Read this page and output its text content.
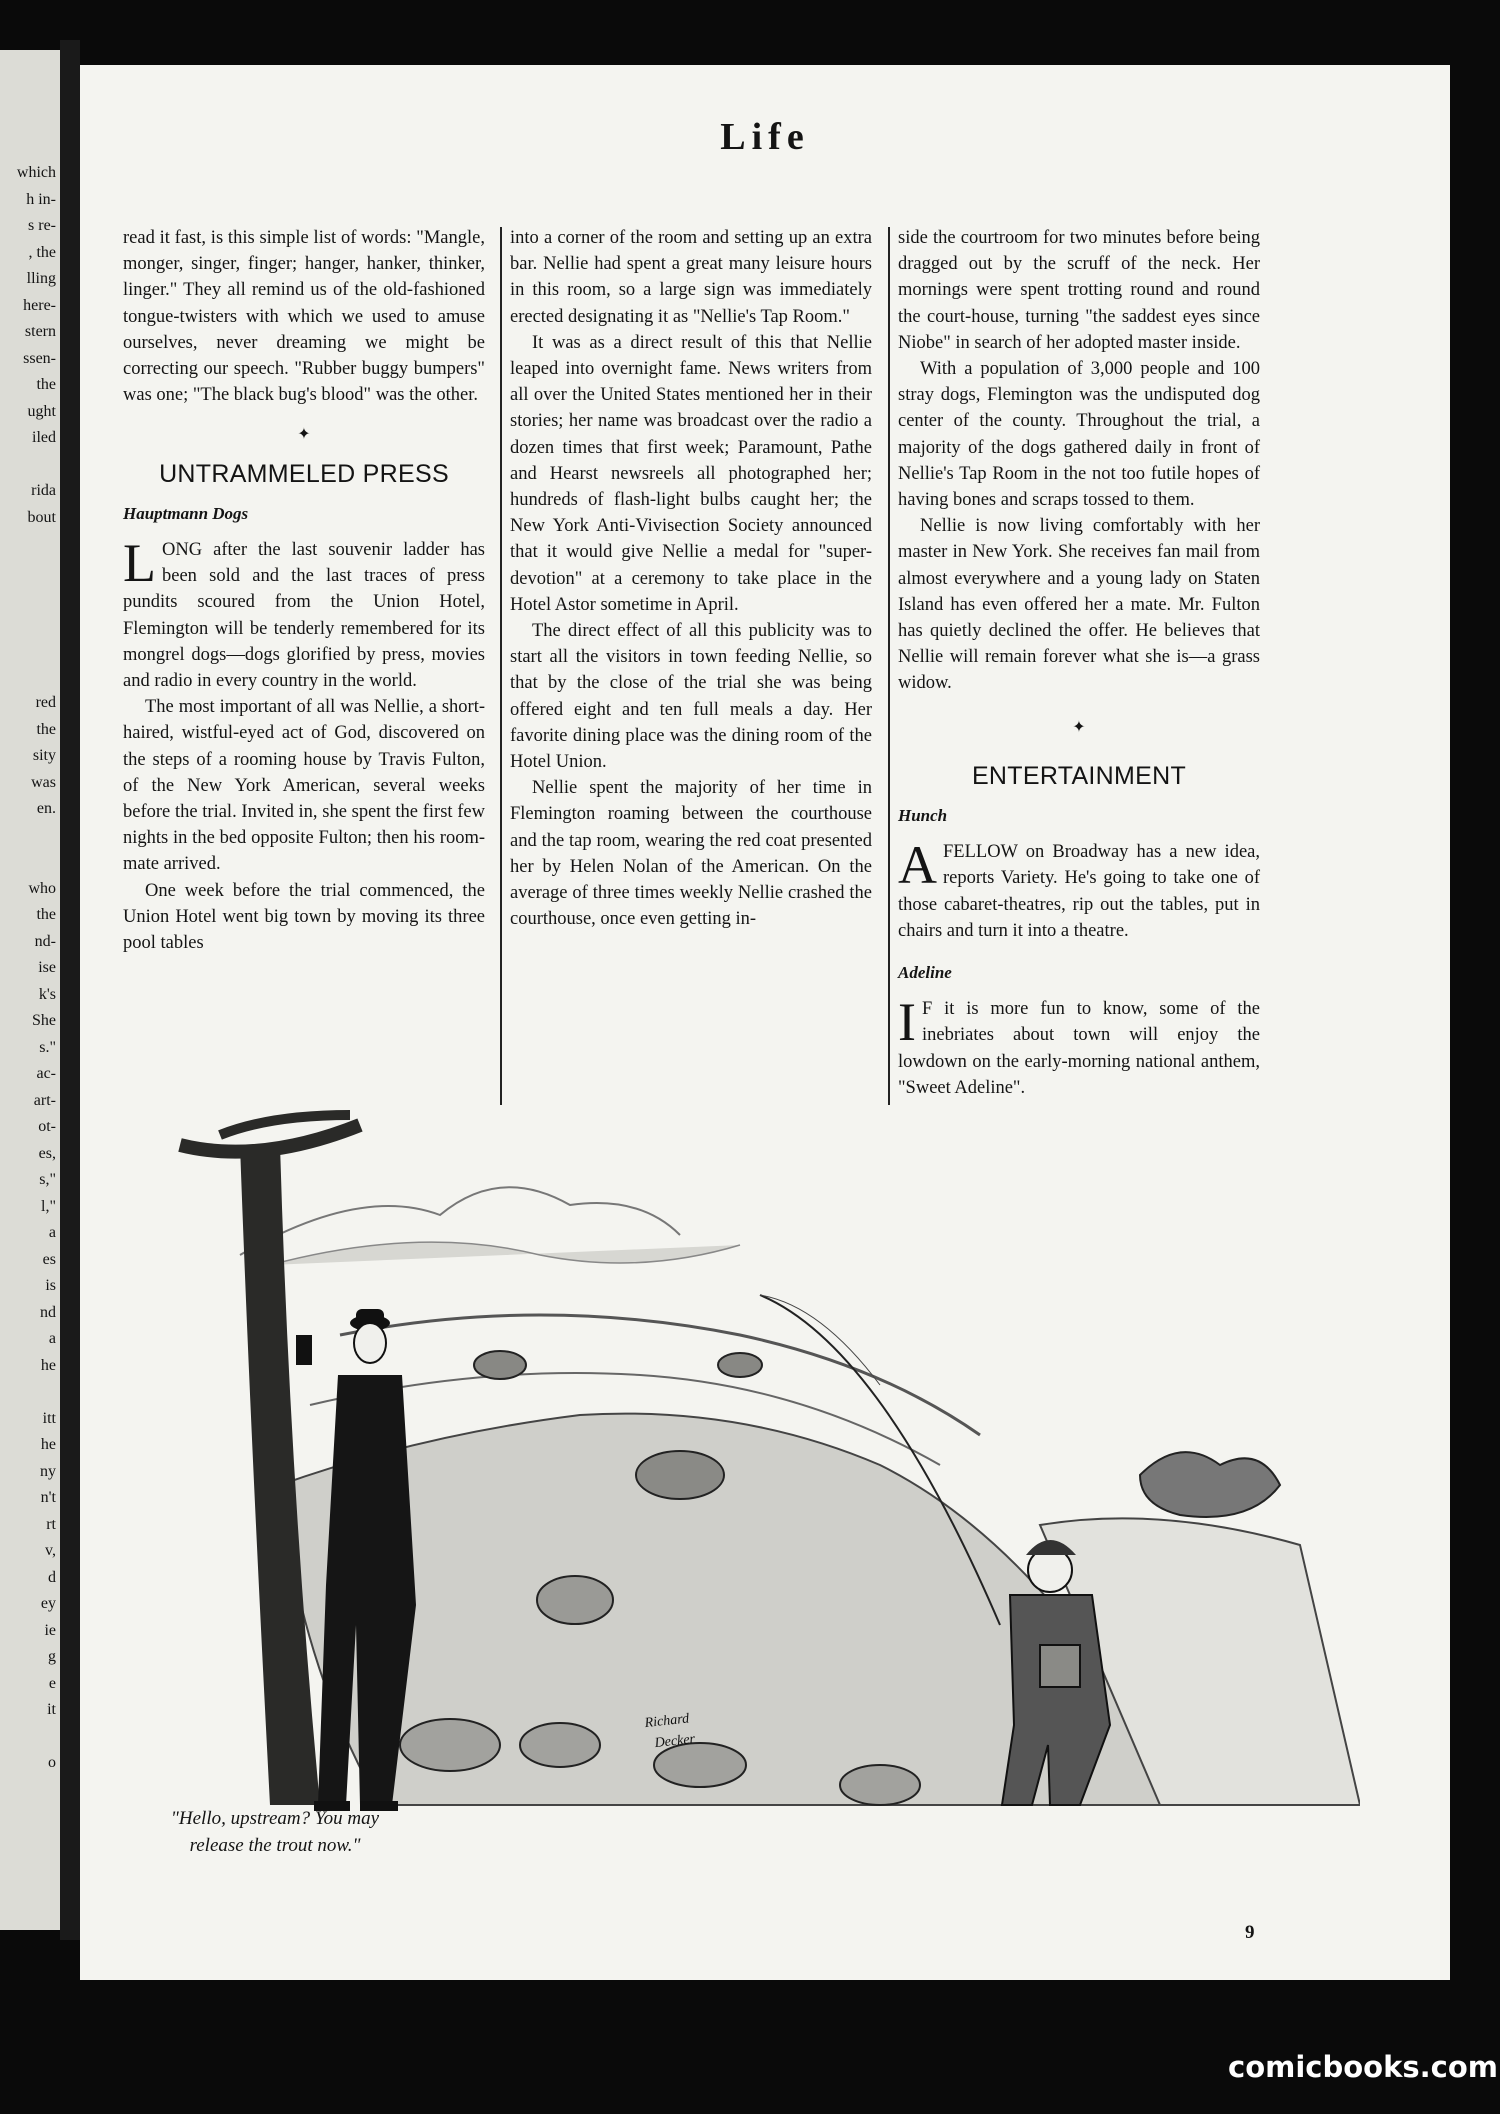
which
h in-
s re-
, the
lling
here-
stern
ssen-
the
ught
iled
rida
bout
red
the
sity
was
en.
who
the
nd-
ise
k's
She
s."
ac-
art-
ot-
es,
s,"
l,"
a
es
is
nd
a
he
itt
he
ny
n't
rt
v,
d
ey
ie
g
e
it
o
Life

read it fast, is this simple list of words: "Mangle, monger, singer, finger; hanger, hanker, thinker, linger." They all remind us of the old-fashioned tongue-twisters with which we used to amuse ourselves, never dreaming we might be correcting our speech. "Rubber buggy bumpers" was one; "The black bug's blood" was the other.

✦
UNTRAMMELED PRESS
Hauptmann Dogs

LONG after the last souvenir ladder has been sold and the last traces of press pundits scoured from the Union Hotel, Flemington will be tenderly remembered for its mongrel dogs—dogs glorified by press, movies and radio in every country in the world.

The most important of all was Nellie, a short-haired, wistful-eyed act of God, discovered on the steps of a rooming house by Travis Fulton, of the New York American, several weeks before the trial. Invited in, she spent the first few nights in the bed opposite Fulton; then his room-mate arrived.

One week before the trial commenced, the Union Hotel went big town by moving its three pool tables

into a corner of the room and setting up an extra bar. Nellie had spent a great many leisure hours in this room, so a large sign was immediately erected designating it as "Nellie's Tap Room."

It was as a direct result of this that Nellie leaped into overnight fame. News writers from all over the United States mentioned her in their stories; her name was broadcast over the radio a dozen times that first week; Paramount, Pathe and Hearst newsreels all photographed her; hundreds of flash-light bulbs caught her; the New York Anti-Vivisection Society announced that it would give Nellie a medal for "super-devotion" at a ceremony to take place in the Hotel Astor sometime in April.

The direct effect of all this publicity was to start all the visitors in town feeding Nellie, so that by the close of the trial she was being offered eight and ten full meals a day. Her favorite dining place was the dining room of the Hotel Union.

Nellie spent the majority of her time in Flemington roaming between the courthouse and the tap room, wearing the red coat presented her by Helen Nolan of the American. On the average of three times weekly Nellie crashed the courthouse, once even getting in-

side the courtroom for two minutes before being dragged out by the scruff of the neck. Her mornings were spent trotting round and round the court-house, turning "the saddest eyes since Niobe" in search of her adopted master inside.

With a population of 3,000 people and 100 stray dogs, Flemington was the undisputed dog center of the county. Throughout the trial, a majority of the dogs gathered daily in front of Nellie's Tap Room in the not too futile hopes of having bones and scraps tossed to them.

Nellie is now living comfortably with her master in New York. She receives fan mail from almost everywhere and a young lady on Staten Island has even offered her a mate. Mr. Fulton has quietly declined the offer. He believes that Nellie will remain forever what she is—a grass widow.

✦
ENTERTAINMENT
Hunch

AFELLOW on Broadway has a new idea, reports Variety. He's going to take one of those cabaret-theatres, rip out the tables, put in chairs and turn it into a theatre.

Adeline

I F it is more fun to know, some of the inebriates about town will enjoy the lowdown on the early-morning national anthem, "Sweet Adeline".

Richard
Decker
"Hello, upstream? You may
release the trout now."
9
comicbooks.com
